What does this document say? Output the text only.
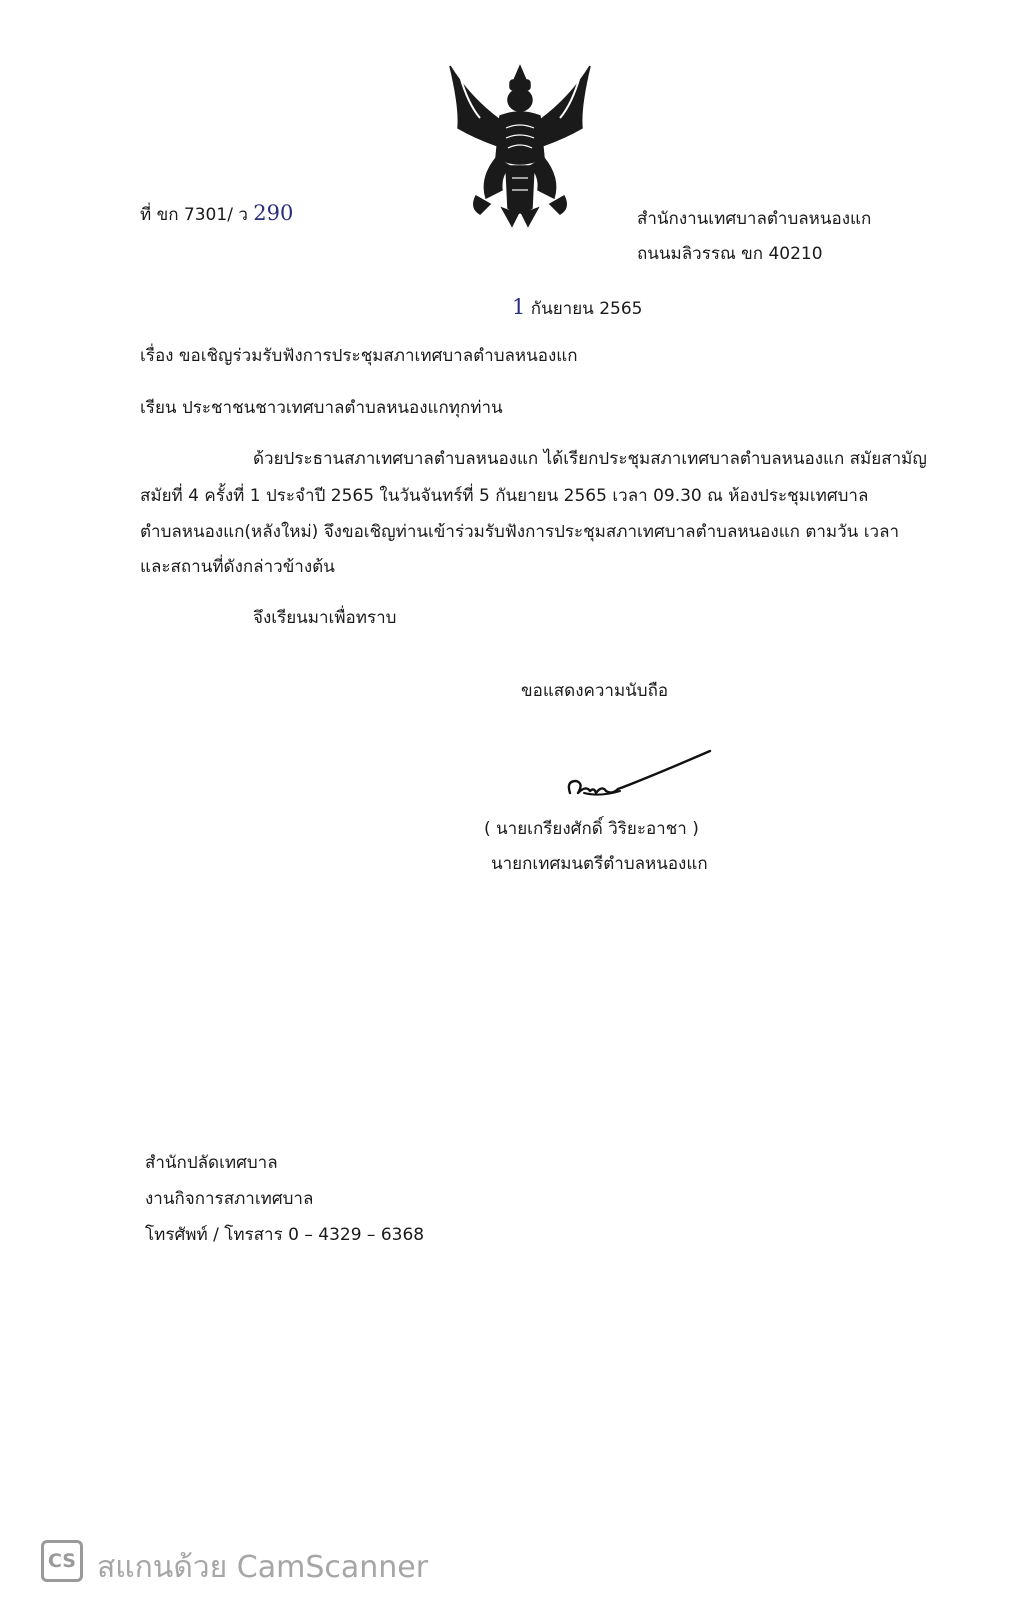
ที่ ขก 7301/ ว 290	สำนักงานเทศบาลตำบลหนองแก
ถนนมลิวรรณ ขก 40210
1 กันยายน 2565
เรื่อง ขอเชิญร่วมรับฟังการประชุมสภาเทศบาลตำบลหนองแก
เรียน ประชาชนชาวเทศบาลตำบลหนองแกทุกท่าน
ด้วยประธานสภาเทศบาลตำบลหนองแก ได้เรียกประชุมสภาเทศบาลตำบลหนองแก สมัยสามัญ
สมัยที่ 4 ครั้งที่ 1 ประจำปี 2565 ในวันจันทร์ที่ 5 กันยายน 2565 เวลา 09.30 ณ ห้องประชุมเทศบาล
ตำบลหนองแก(หลังใหม่) จึงขอเชิญท่านเข้าร่วมรับฟังการประชุมสภาเทศบาลตำบลหนองแก ตามวัน เวลา
และสถานที่ดังกล่าวข้างต้น
จึงเรียนมาเพื่อทราบ
ขอแสดงความนับถือ
( นายเกรียงศักดิ์ วิริยะอาชา )
นายกเทศมนตรีตำบลหนองแก
สำนักปลัดเทศบาล
งานกิจการสภาเทศบาล
โทรศัพท์ / โทรสาร 0 – 4329 – 6368
CS สแกนด้วย CamScanner
